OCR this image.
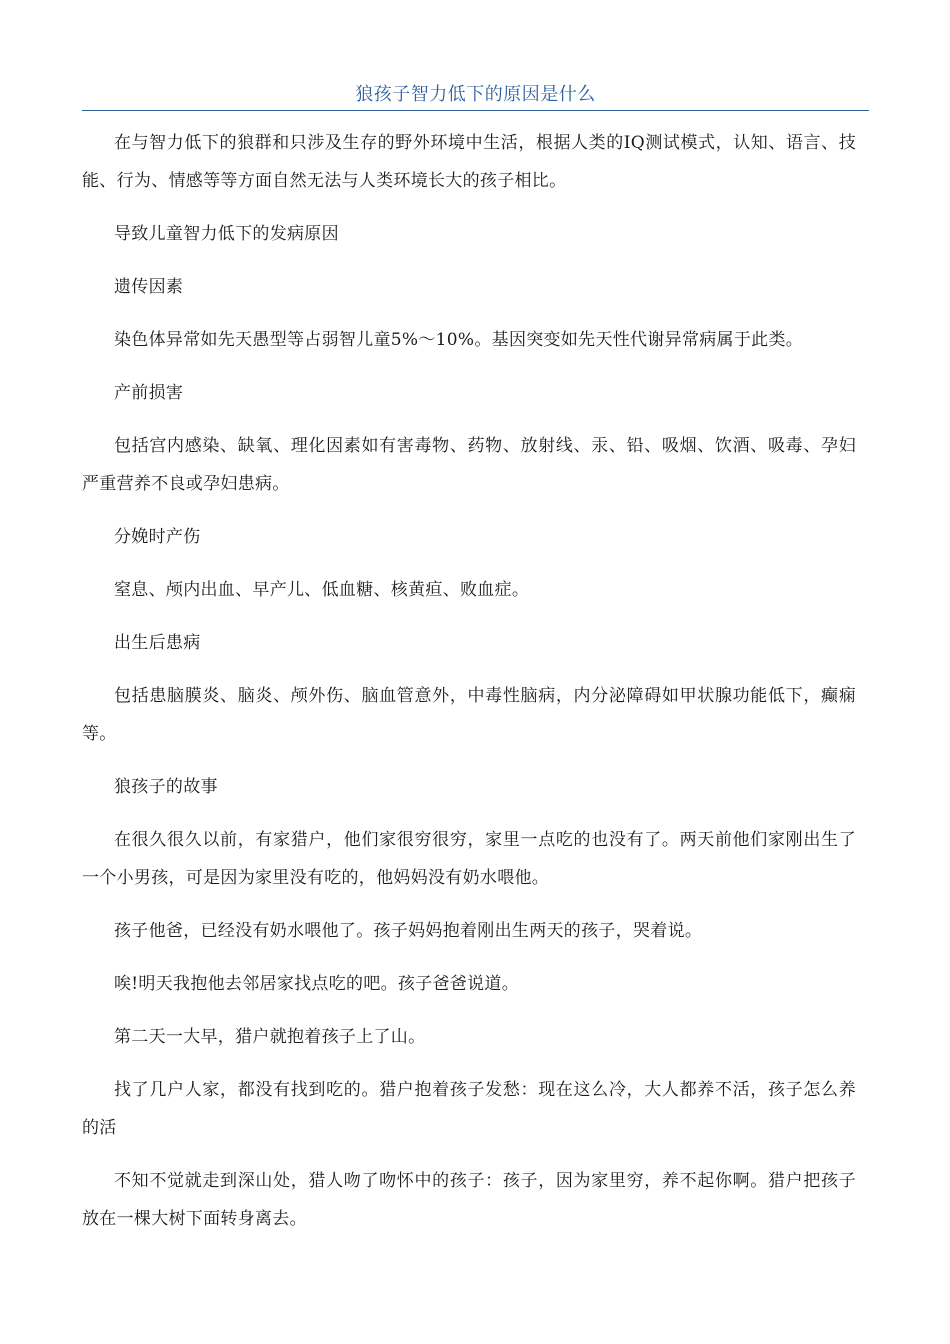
狼孩子智力低下的原因是什么

在与智力低下的狼群和只涉及生存的野外环境中生活，根据人类的IQ测试模式，认知、语言、技能、行为、情感等等方面自然无法与人类环境长大的孩子相比。

导致儿童智力低下的发病原因

遗传因素

染色体异常如先天愚型等占弱智儿童5%～10%。基因突变如先天性代谢异常病属于此类。

产前损害

包括宫内感染、缺氧、理化因素如有害毒物、药物、放射线、汞、铅、吸烟、饮酒、吸毒、孕妇严重营养不良或孕妇患病。

分娩时产伤

窒息、颅内出血、早产儿、低血糖、核黄疸、败血症。

出生后患病

包括患脑膜炎、脑炎、颅外伤、脑血管意外，中毒性脑病，内分泌障碍如甲状腺功能低下，癫痫等。

狼孩子的故事

在很久很久以前，有家猎户，他们家很穷很穷，家里一点吃的也没有了。两天前他们家刚出生了一个小男孩，可是因为家里没有吃的，他妈妈没有奶水喂他。

孩子他爸，已经没有奶水喂他了。孩子妈妈抱着刚出生两天的孩子，哭着说。

唉!明天我抱他去邻居家找点吃的吧。孩子爸爸说道。

第二天一大早，猎户就抱着孩子上了山。

找了几户人家，都没有找到吃的。猎户抱着孩子发愁：现在这么冷，大人都养不活，孩子怎么养的活

不知不觉就走到深山处，猎人吻了吻怀中的孩子：孩子，因为家里穷，养不起你啊。猎户把孩子放在一棵大树下面转身离去。
